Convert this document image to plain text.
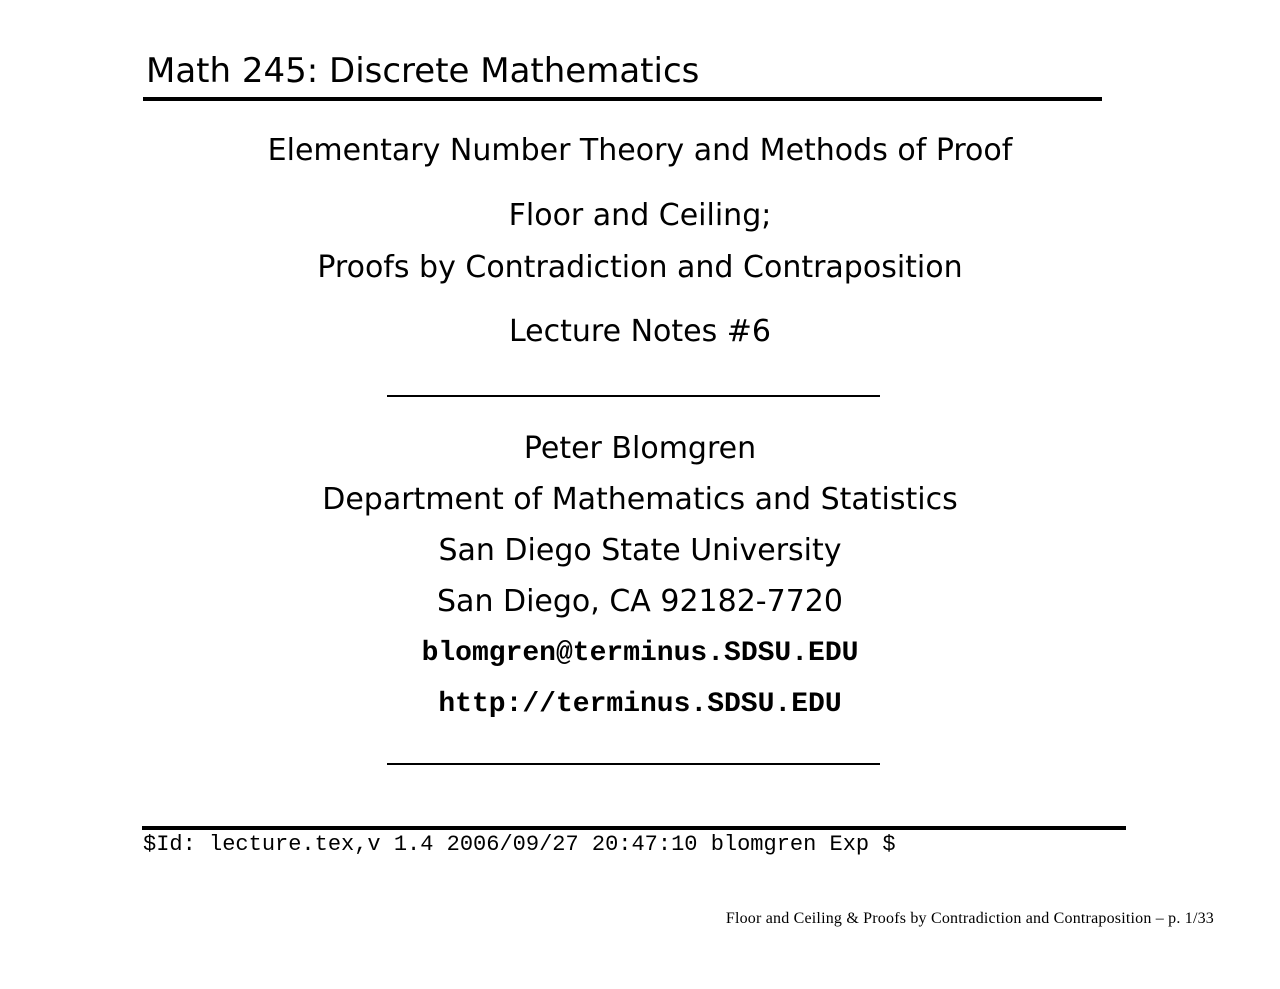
Math 245: Discrete Mathematics
Elementary Number Theory and Methods of Proof
Floor and Ceiling;
Proofs by Contradiction and Contraposition
Lecture Notes #6
Peter Blomgren
Department of Mathematics and Statistics
San Diego State University
San Diego, CA 92182-7720
blomgren@terminus.SDSU.EDU
http://terminus.SDSU.EDU
$Id: lecture.tex,v 1.4 2006/09/27 20:47:10 blomgren Exp $
Floor and Ceiling & Proofs by Contradiction and Contraposition – p. 1/33
